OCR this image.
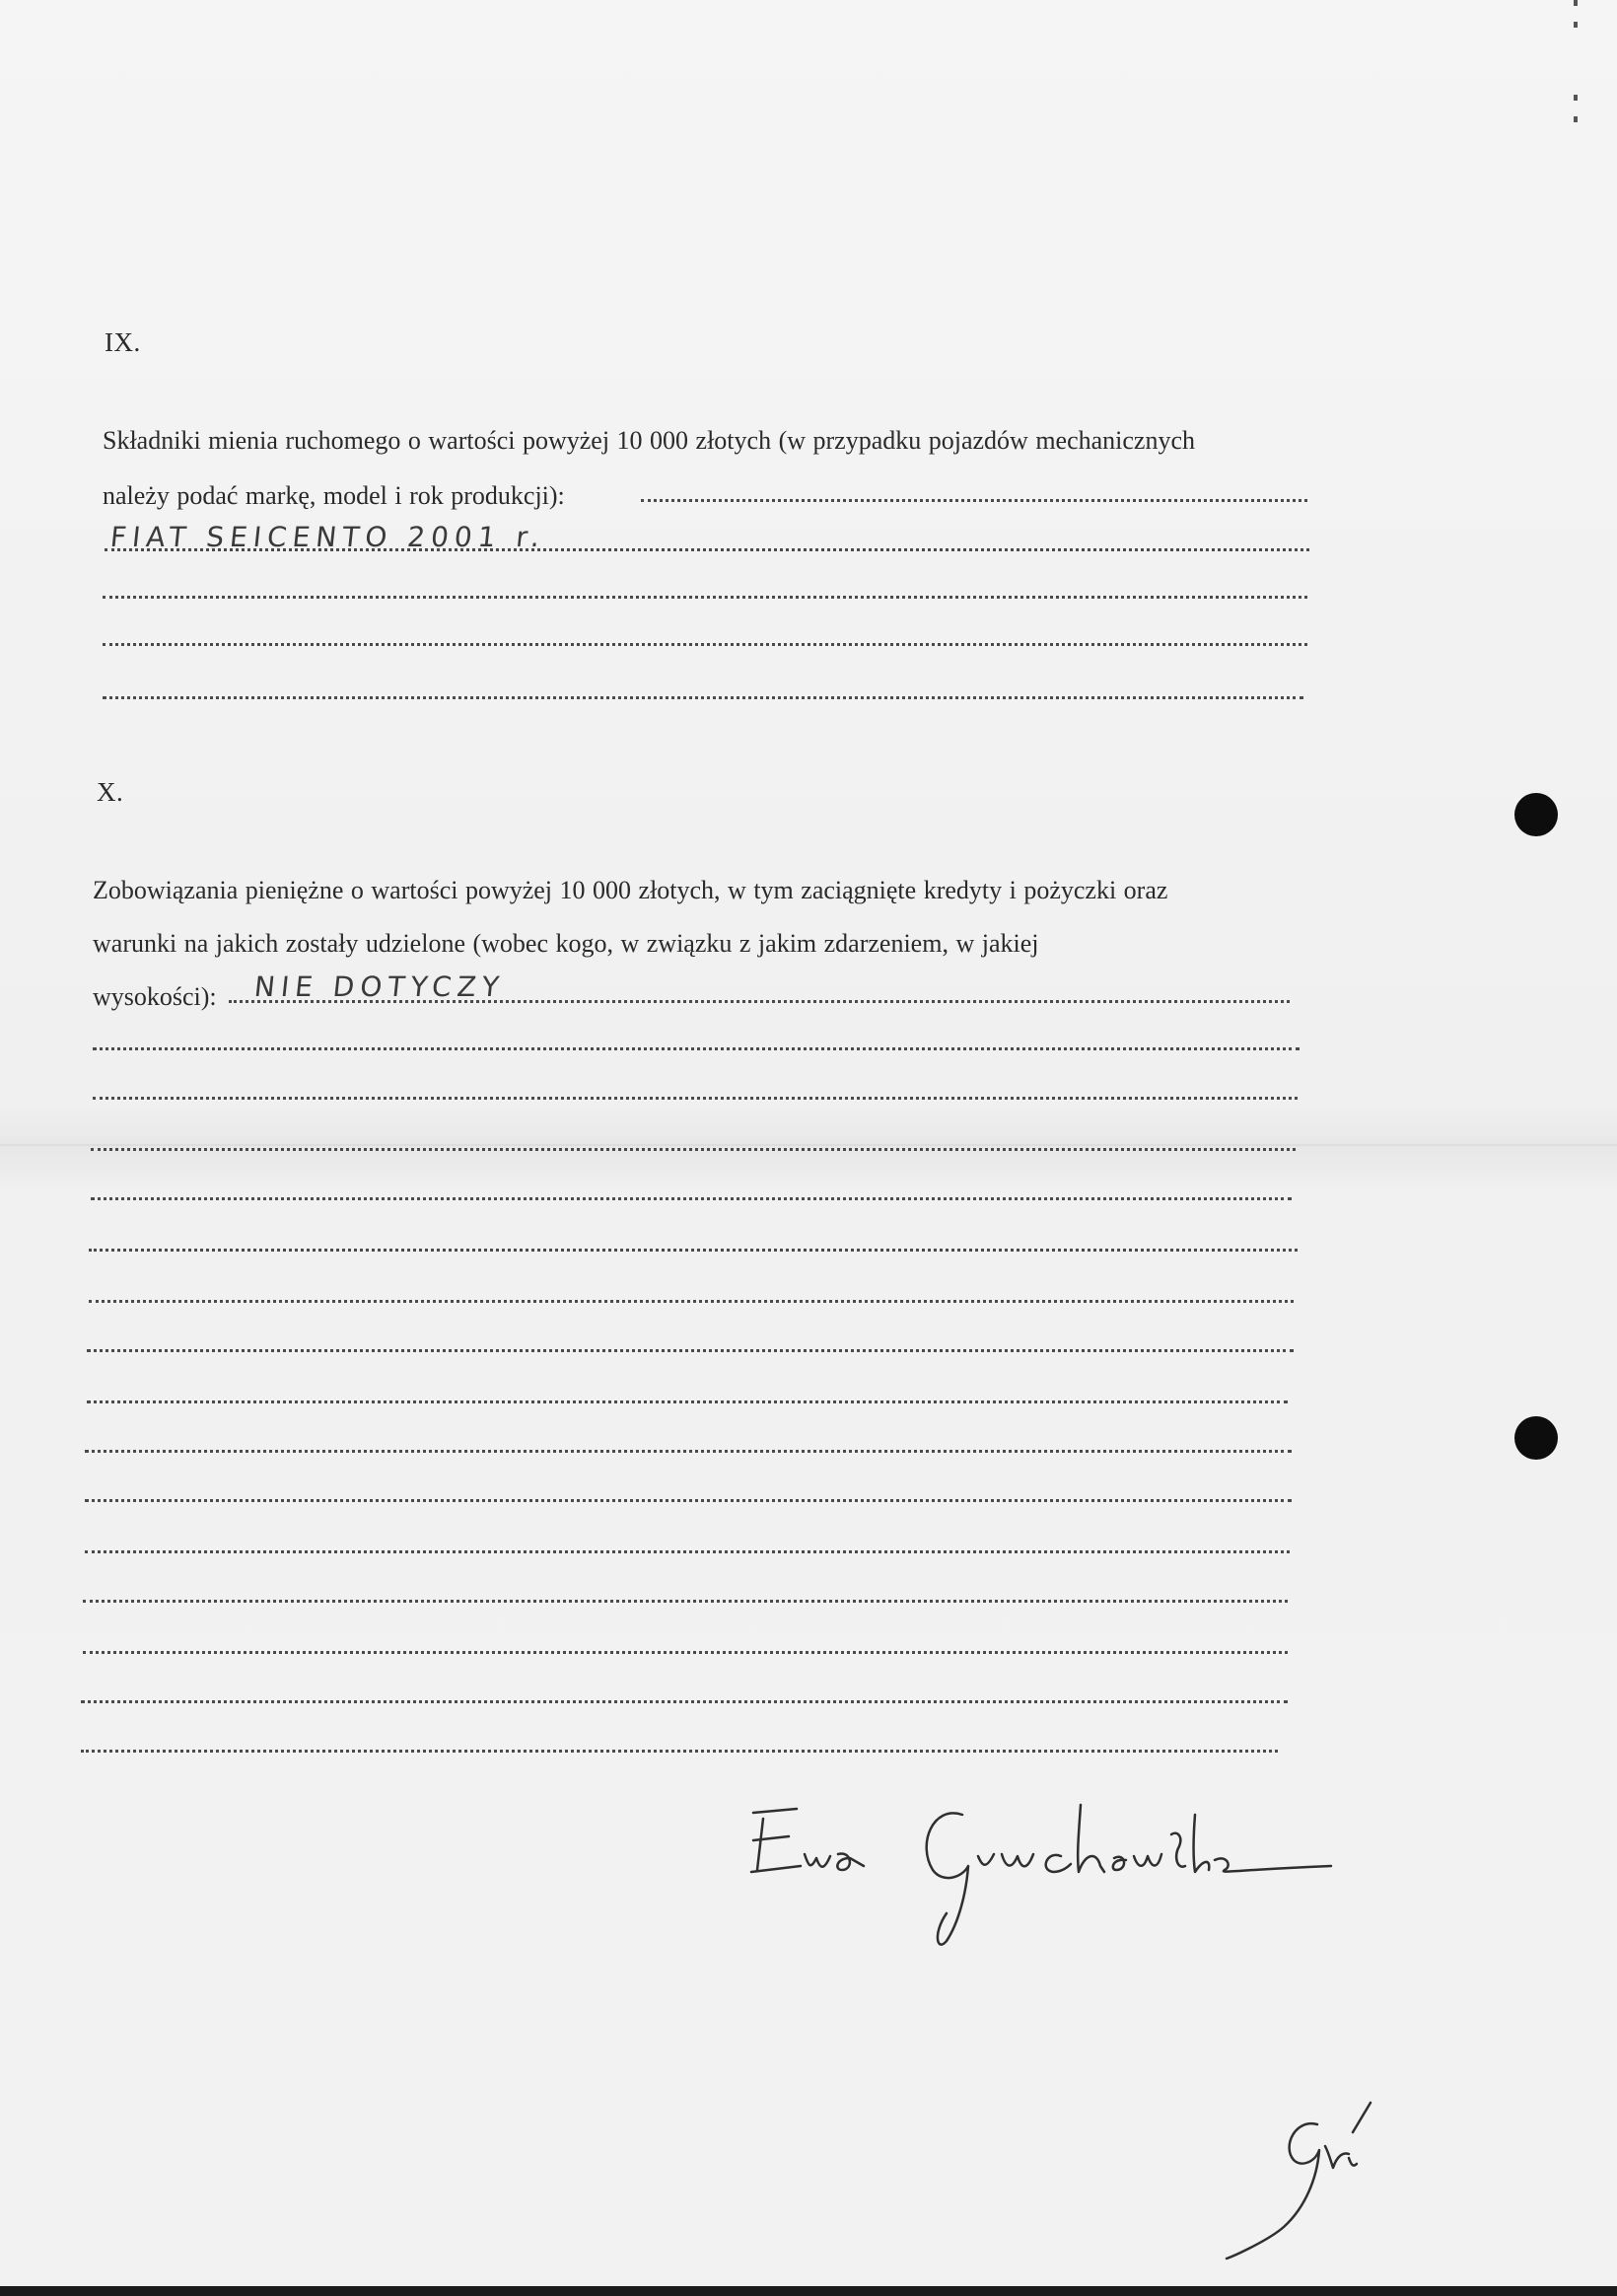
IX.
Składniki mienia ruchomego o wartości powyżej 10 000 złotych (w przypadku pojazdów mechanicznych
należy podać markę, model i rok produkcji):
FIAT SEICENTO 2001 r.
X.
Zobowiązania pieniężne o wartości powyżej 10 000 złotych, w tym zaciągnięte kredyty i pożyczki oraz
warunki na jakich zostały udzielone (wobec kogo, w związku z jakim zdarzeniem, w jakiej
wysokości): NIE DOTYCZY
